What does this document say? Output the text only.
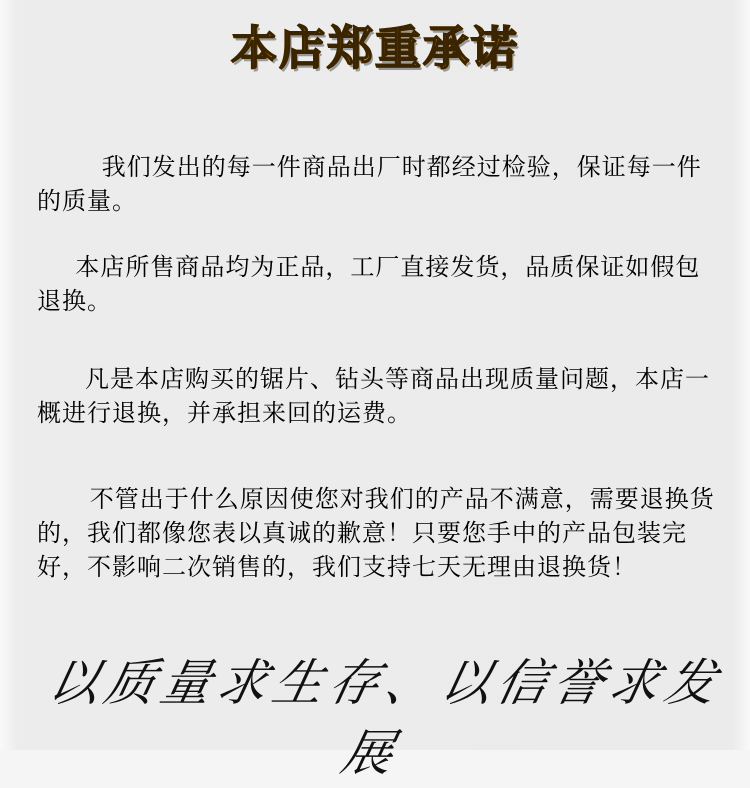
本店郑重承诺
我们发出的每一件商品出厂时都经过检验，保证每一件的质量。
本店所售商品均为正品，工厂直接发货，品质保证如假包退换。
凡是本店购买的锯片、钻头等商品出现质量问题，本店一概进行退换，并承担来回的运费。
不管出于什么原因使您对我们的产品不满意，需要退换货的，我们都像您表以真诚的歉意！只要您手中的产品包装完好，不影响二次销售的，我们支持七天无理由退换货！
以质量求生存、以信誉求发展
